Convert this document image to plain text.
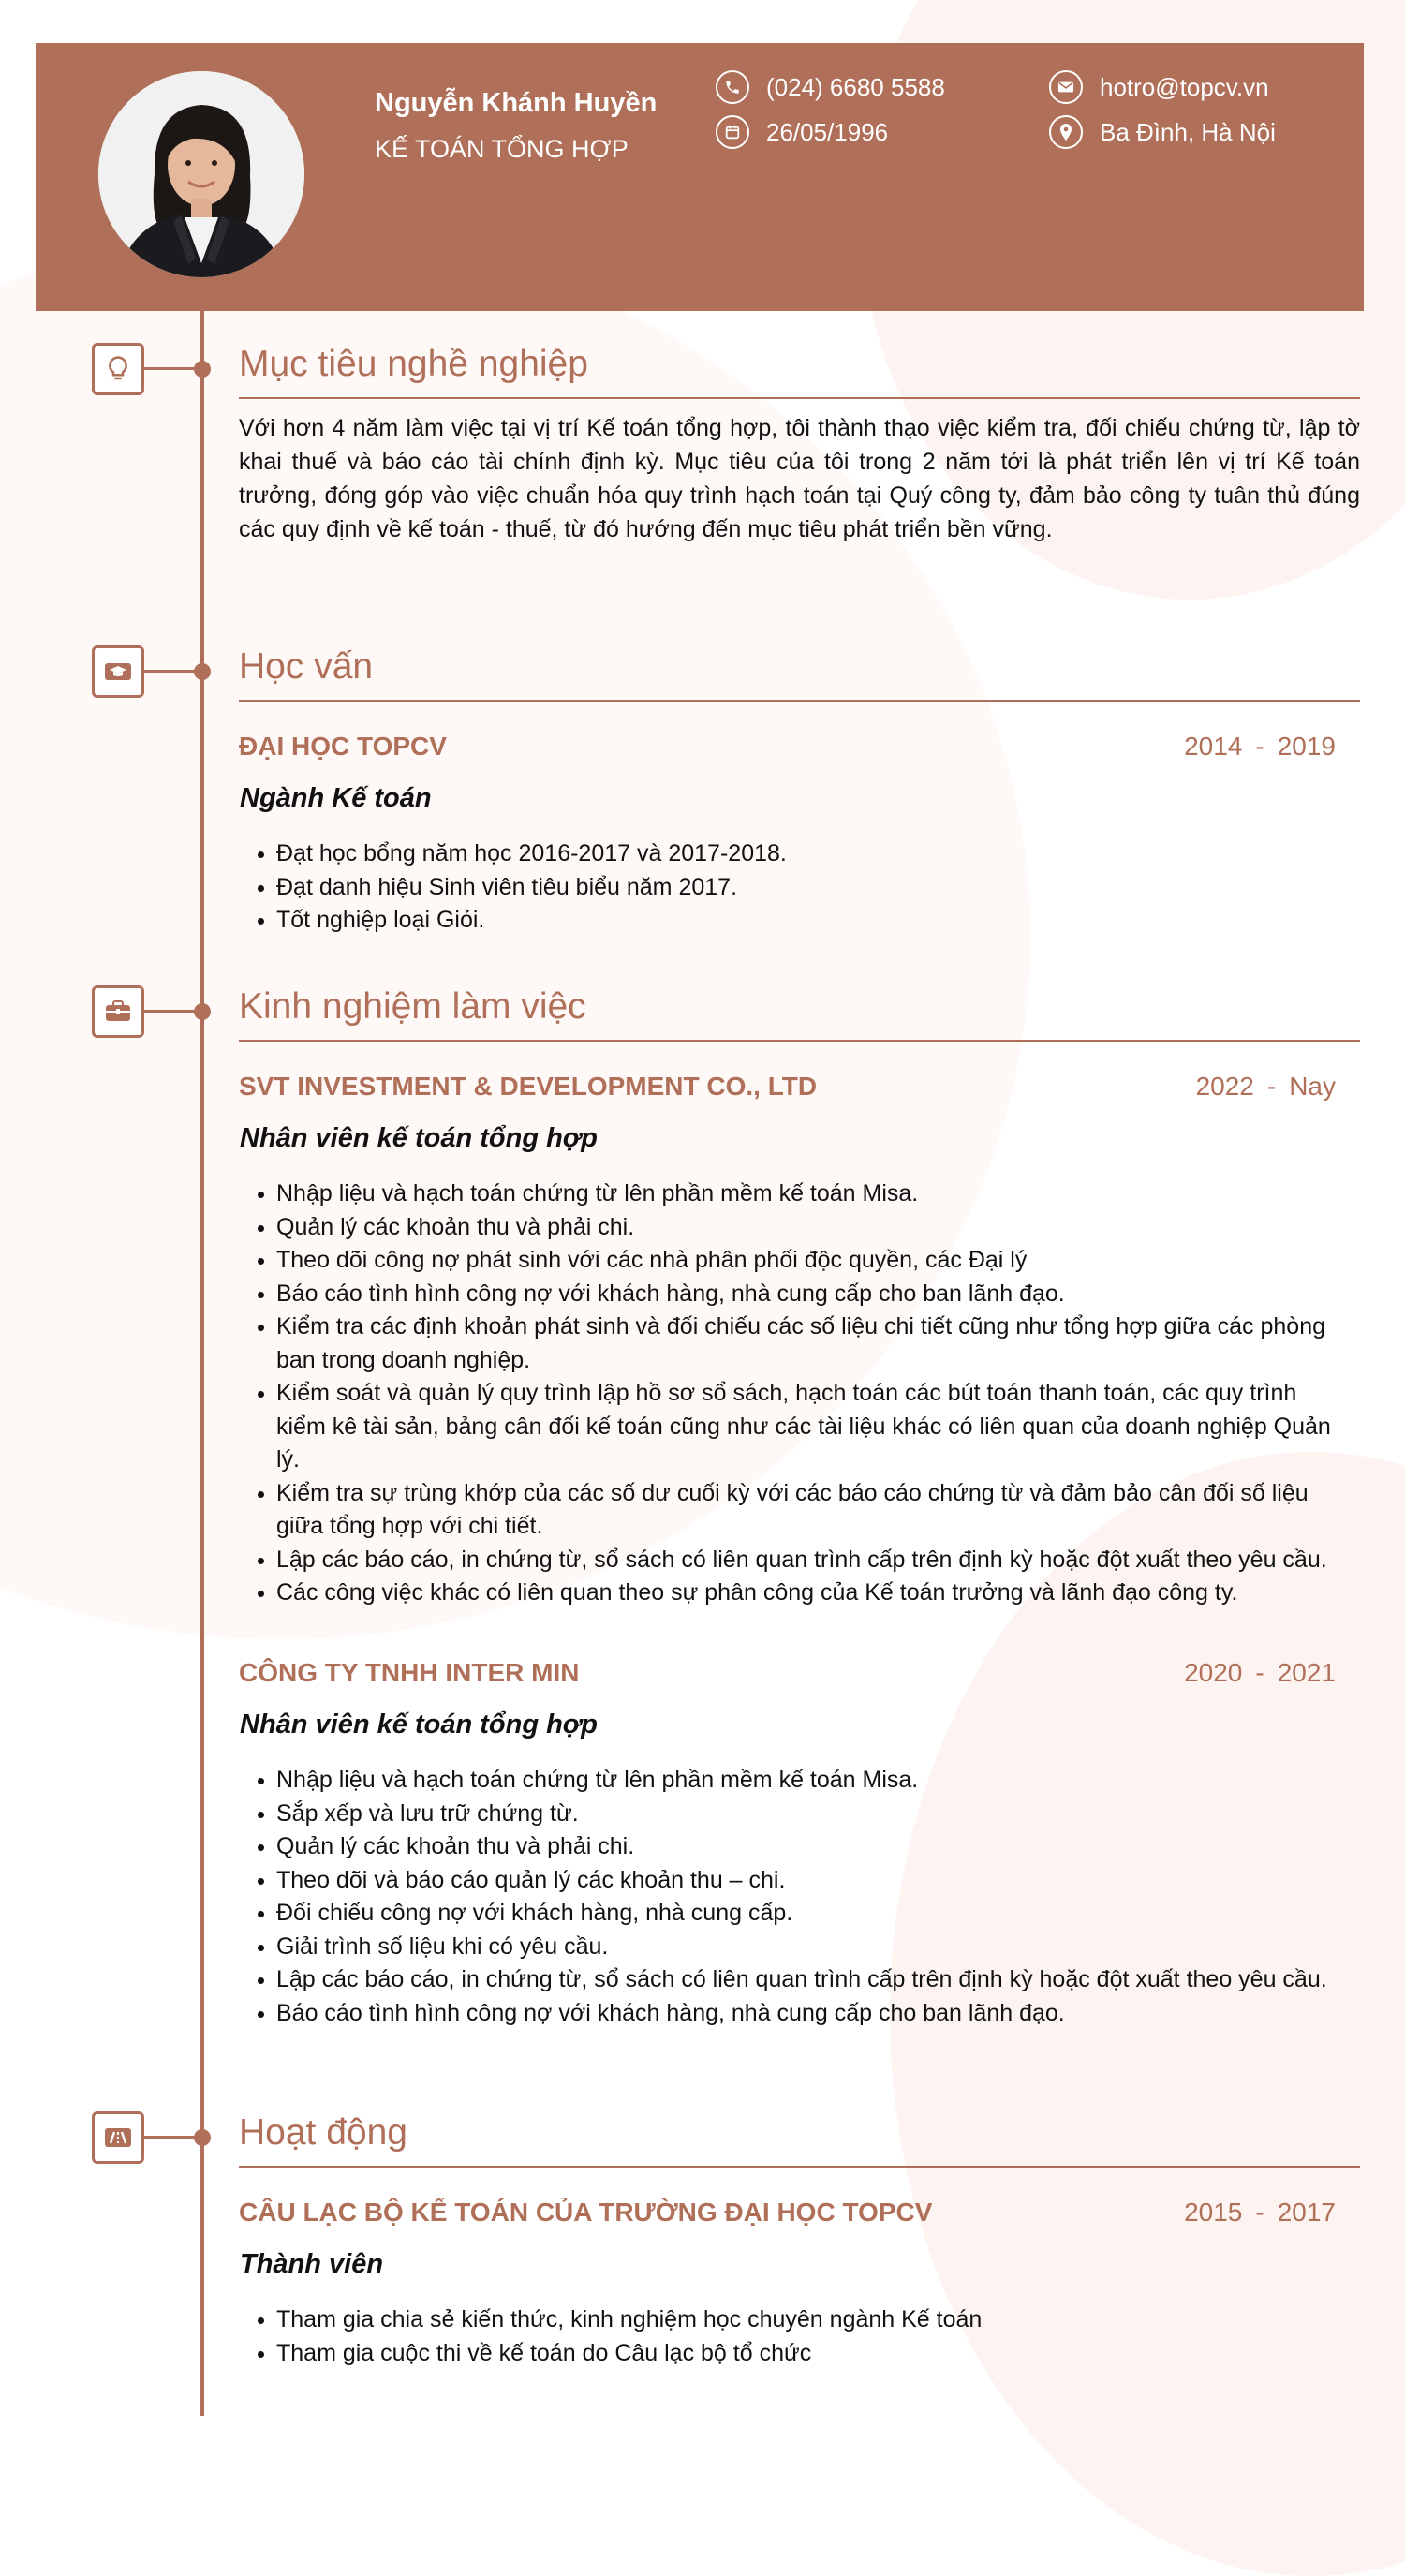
Nguyễn Khánh Huyền
KẾ TOÁN TỔNG HỢP
(024) 6680 5588	hotro@topcv.vn
26/05/1996	Ba Đình, Hà Nội
Mục tiêu nghề nghiệp
Với hơn 4 năm làm việc tại vị trí Kế toán tổng hợp, tôi thành thạo việc kiểm tra, đối chiếu chứng từ, lập tờ khai thuế và báo cáo tài chính định kỳ. Mục tiêu của tôi trong 2 năm tới là phát triển lên vị trí Kế toán trưởng, đóng góp vào việc chuẩn hóa quy trình hạch toán tại Quý công ty, đảm bảo công ty tuân thủ đúng các quy định về kế toán - thuế, từ đó hướng đến mục tiêu phát triển bền vững.
Học vấn
ĐẠI HỌC TOPCV	2014 - 2019
Ngành Kế toán
• Đạt học bổng năm học 2016-2017 và 2017-2018.
• Đạt danh hiệu Sinh viên tiêu biểu năm 2017.
• Tốt nghiệp loại Giỏi.
Kinh nghiệm làm việc
SVT INVESTMENT & DEVELOPMENT CO., LTD	2022 - Nay
Nhân viên kế toán tổng hợp
• Nhập liệu và hạch toán chứng từ lên phần mềm kế toán Misa.
• Quản lý các khoản thu và phải chi.
• Theo dõi công nợ phát sinh với các nhà phân phối độc quyền, các Đại lý
• Báo cáo tình hình công nợ với khách hàng, nhà cung cấp cho ban lãnh đạo.
• Kiểm tra các định khoản phát sinh và đối chiếu các số liệu chi tiết cũng như tổng hợp giữa các phòng ban trong doanh nghiệp.
• Kiểm soát và quản lý quy trình lập hồ sơ sổ sách, hạch toán các bút toán thanh toán, các quy trình kiểm kê tài sản, bảng cân đối kế toán cũng như các tài liệu khác có liên quan của doanh nghiệp Quản lý.
• Kiểm tra sự trùng khớp của các số dư cuối kỳ với các báo cáo chứng từ và đảm bảo cân đối số liệu giữa tổng hợp với chi tiết.
• Lập các báo cáo, in chứng từ, sổ sách có liên quan trình cấp trên định kỳ hoặc đột xuất theo yêu cầu.
• Các công việc khác có liên quan theo sự phân công của Kế toán trưởng và lãnh đạo công ty.
CÔNG TY TNHH INTER MIN	2020 - 2021
Nhân viên kế toán tổng hợp
• Nhập liệu và hạch toán chứng từ lên phần mềm kế toán Misa.
• Sắp xếp và lưu trữ chứng từ.
• Quản lý các khoản thu và phải chi.
• Theo dõi và báo cáo quản lý các khoản thu – chi.
• Đối chiếu công nợ với khách hàng, nhà cung cấp.
• Giải trình số liệu khi có yêu cầu.
• Lập các báo cáo, in chứng từ, sổ sách có liên quan trình cấp trên định kỳ hoặc đột xuất theo yêu cầu.
• Báo cáo tình hình công nợ với khách hàng, nhà cung cấp cho ban lãnh đạo.
Hoạt động
CÂU LẠC BỘ KẾ TOÁN CỦA TRƯỜNG ĐẠI HỌC TOPCV	2015 - 2017
Thành viên
• Tham gia chia sẻ kiến thức, kinh nghiệm học chuyên ngành Kế toán
• Tham gia cuộc thi về kế toán do Câu lạc bộ tổ chức
